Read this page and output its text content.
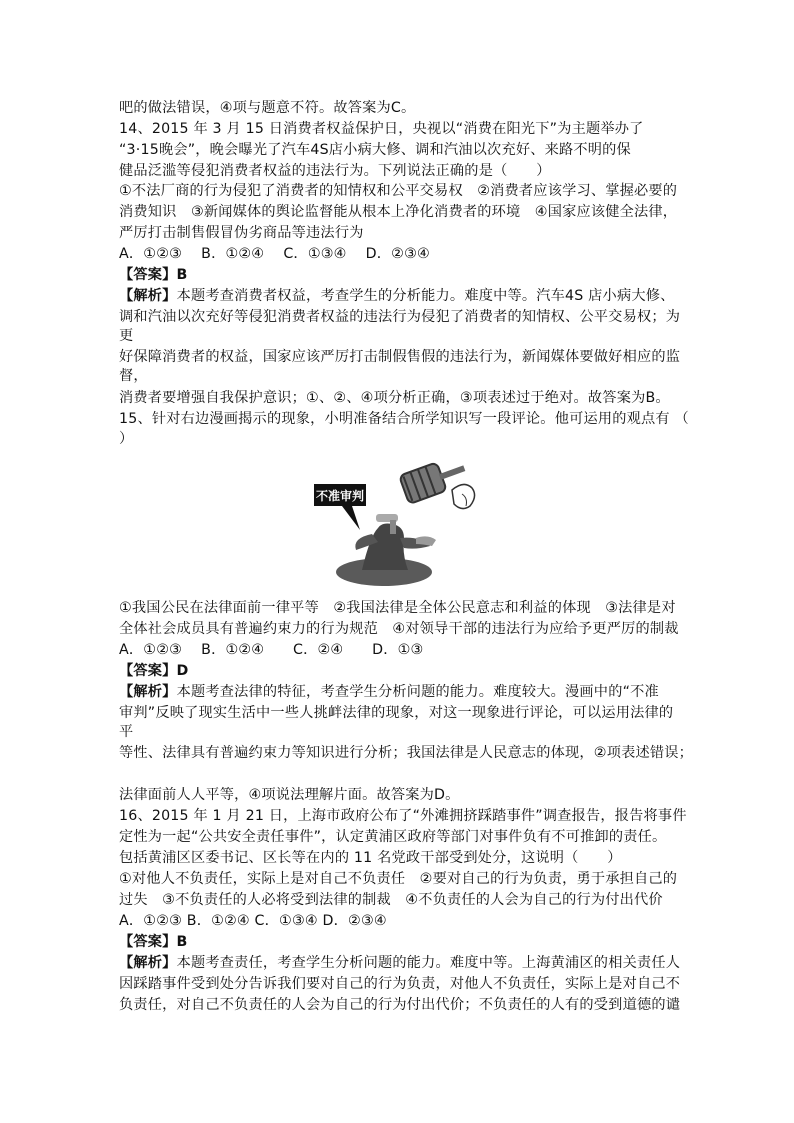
吧的做法错误，④项与题意不符。故答案为C。
14、2015 年 3 月 15 日消费者权益保护日，央视以“消费在阳光下”为主题举办了
“3·15晚会”，晚会曝光了汽车4S店小病大修、调和汽油以次充好、来路不明的保
健品泛滥等侵犯消费者权益的违法行为。下列说法正确的是（　　）
①不法厂商的行为侵犯了消费者的知情权和公平交易权　②消费者应该学习、掌握必要的
消费知识　③新闻媒体的舆论监督能从根本上净化消费者的环境　④国家应该健全法律，
严厉打击制售假冒伪劣商品等违法行为
A．①②③　 B．①②④　 C．①③④　 D．②③④
【答案】B
【解析】本题考查消费者权益，考查学生的分析能力。难度中等。汽车4S 店小病大修、
调和汽油以次充好等侵犯消费者权益的违法行为侵犯了消费者的知情权、公平交易权；为
更
好保障消费者的权益，国家应该严厉打击制假售假的违法行为，新闻媒体要做好相应的监
督，
消费者要增强自我保护意识；①、②、④项分析正确，③项表述过于绝对。故答案为B。
15、针对右边漫画揭示的现象，小明准备结合所学知识写一段评论。他可运用的观点有 （
）
不准审判
①我国公民在法律面前一律平等　②我国法律是全体公民意志和利益的体现　③法律是对
全体社会成员具有普遍约束力的行为规范　④对领导干部的违法行为应给予更严厉的制裁
A．①②③　 B．①②④　　C．②④　　D．①③
【答案】D
【解析】本题考查法律的特征，考查学生分析问题的能力。难度较大。漫画中的“不准
审判”反映了现实生活中一些人挑衅法律的现象，对这一现象进行评论，可以运用法律的
平
等性、法律具有普遍约束力等知识进行分析；我国法律是人民意志的体现，②项表述错误；
法律面前人人平等，④项说法理解片面。故答案为D。
16、2015 年 1 月 21 日，上海市政府公布了“外滩拥挤踩踏事件”调查报告，报告将事件
定性为一起“公共安全责任事件”，认定黄浦区政府等部门对事件负有不可推卸的责任。
包括黄浦区区委书记、区长等在内的 11 名党政干部受到处分，这说明（　　）
①对他人不负责任，实际上是对自己不负责任　②要对自己的行为负责，勇于承担自己的
过失　③不负责任的人必将受到法律的制裁　④不负责任的人会为自己的行为付出代价
A．①②③ B．①②④ C．①③④ D．②③④
【答案】B
【解析】本题考查责任，考查学生分析问题的能力。难度中等。上海黄浦区的相关责任人
因踩踏事件受到处分告诉我们要对自己的行为负责，对他人不负责任，实际上是对自己不
负责任，对自己不负责任的人会为自己的行为付出代价；不负责任的人有的受到道德的谴
